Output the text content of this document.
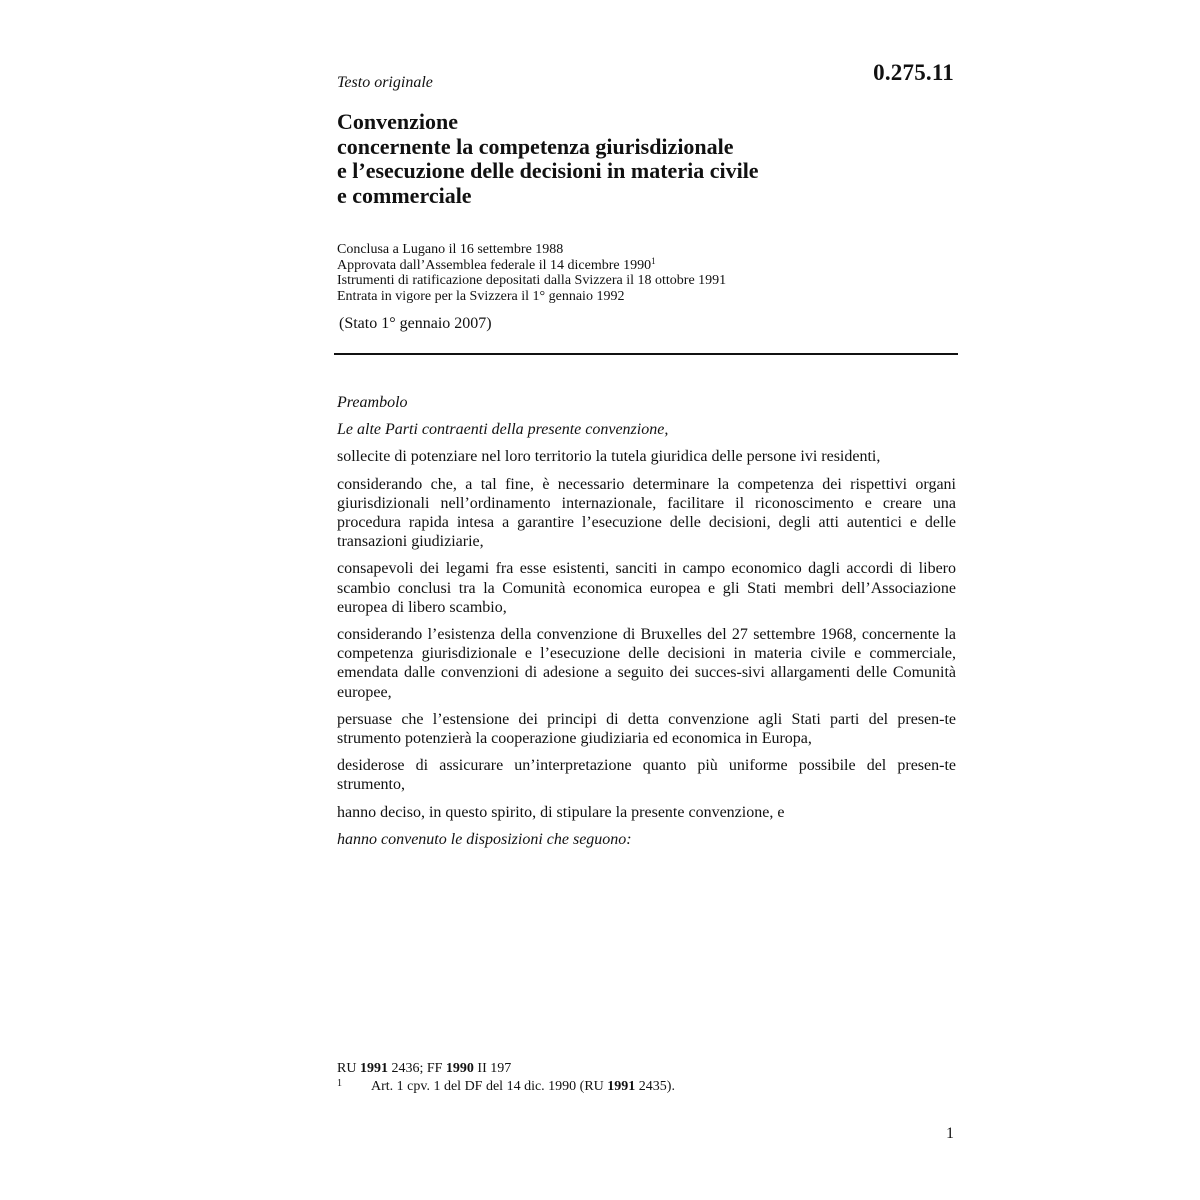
0.275.11
Testo originale
Convenzione
concernente la competenza giurisdizionale
e l’esecuzione delle decisioni in materia civile
e commerciale
Conclusa a Lugano il 16 settembre 1988
Approvata dall’Assemblea federale il 14 dicembre 1990$^1$
Istrumenti di ratificazione depositati dalla Svizzera il 18 ottobre 1991
Entrata in vigore per la Svizzera il 1° gennaio 1992
(Stato 1° gennaio 2007)

Preambolo

Le alte Parti contraenti della presente convenzione,

sollecite di potenziare nel loro territorio la tutela giuridica delle persone ivi residenti,

considerando che, a tal fine, è necessario determinare la competenza dei rispettivi organi giurisdizionali nell’ordinamento internazionale, facilitare il riconoscimento e creare una procedura rapida intesa a garantire l’esecuzione delle decisioni, degli atti autentici e delle transazioni giudiziarie,

consapevoli dei legami fra esse esistenti, sanciti in campo economico dagli accordi di libero scambio conclusi tra la Comunità economica europea e gli Stati membri dell’Associazione europea di libero scambio,

considerando l’esistenza della convenzione di Bruxelles del 27 settembre 1968, concernente la competenza giurisdizionale e l’esecuzione delle decisioni in materia civile e commerciale, emendata dalle convenzioni di adesione a seguito dei succes-sivi allargamenti delle Comunità europee,

persuase che l’estensione dei principi di detta convenzione agli Stati parti del presen-te strumento potenzierà la cooperazione giudiziaria ed economica in Europa,

desiderose di assicurare un’interpretazione quanto più uniforme possibile del presen-te strumento,

hanno deciso, in questo spirito, di stipulare la presente convenzione, e

hanno convenuto le disposizioni che seguono:

RU 1991 2436; FF 1990 II 197
1	Art. 1 cpv. 1 del DF del 14 dic. 1990 (RU 1991 2435).
1
